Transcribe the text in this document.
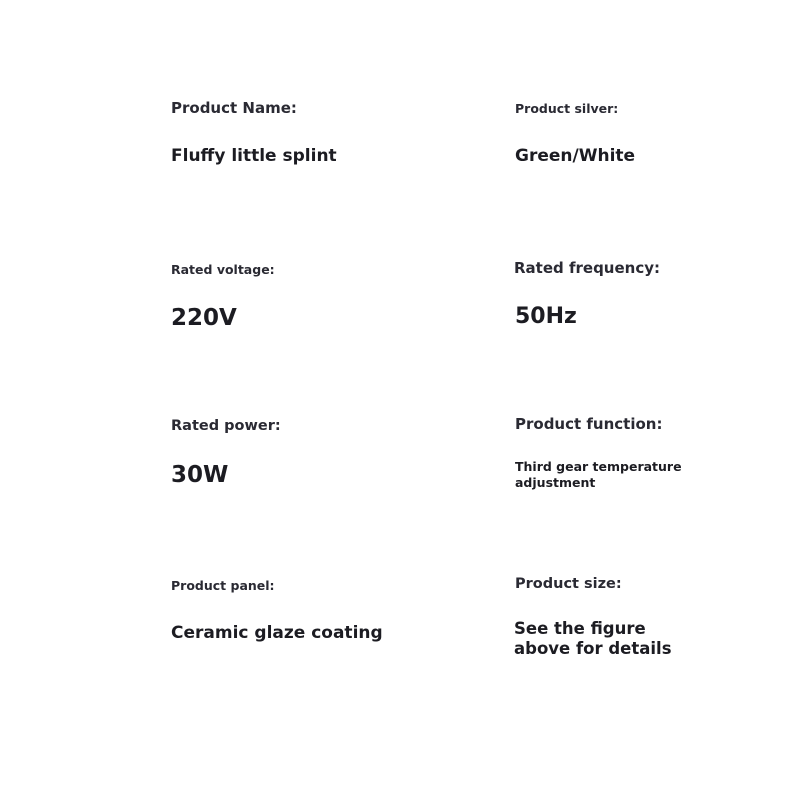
Product Name:
Fluffy little splint
Product silver:
Green/White
Rated voltage:
220V
Rated frequency:
50Hz
Rated power:
30W
Product function:
Third gear temperature
adjustment
Product panel:
Ceramic glaze coating
Product size:
See the figure
above for details
